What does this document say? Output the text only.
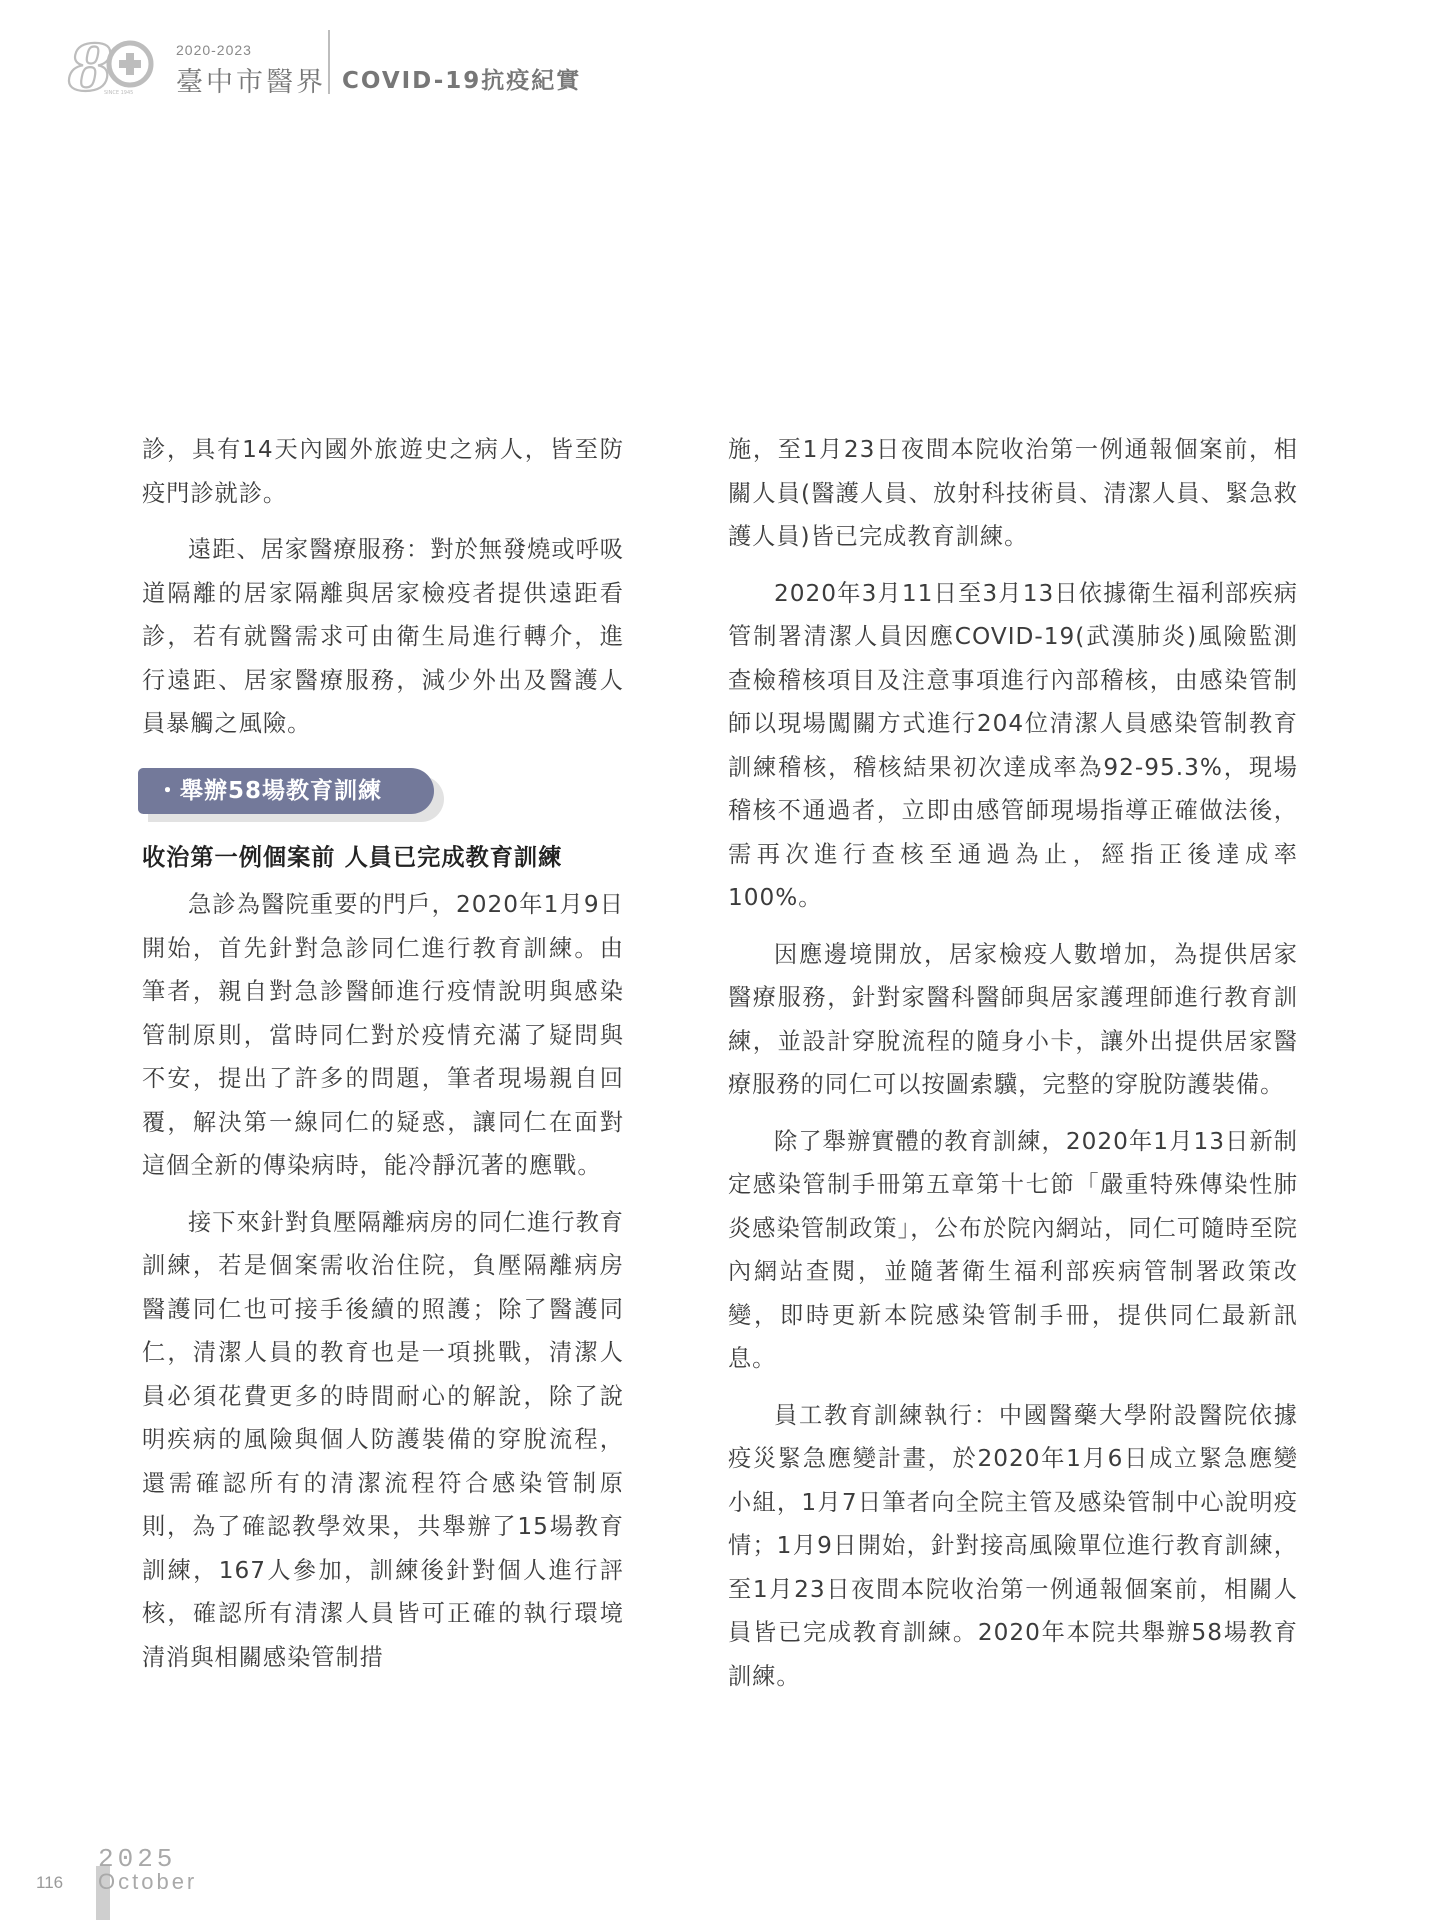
8
SINCE 1945
2020-2023
臺中市醫界 COVID-19抗疫紀實

診，具有14天內國外旅遊史之病人，皆至防疫門診就診。

遠距、居家醫療服務：對於無發燒或呼吸道隔離的居家隔離與居家檢疫者提供遠距看診，若有就醫需求可由衛生局進行轉介，進行遠距、居家醫療服務，減少外出及醫護人員暴觸之風險。

・舉辦58場教育訓練
收治第一例個案前 人員已完成教育訓練

急診為醫院重要的門戶，2020年1月9日開始，首先針對急診同仁進行教育訓練。由筆者，親自對急診醫師進行疫情說明與感染管制原則，當時同仁對於疫情充滿了疑問與不安，提出了許多的問題，筆者現場親自回覆，解決第一線同仁的疑惑，讓同仁在面對這個全新的傳染病時，能冷靜沉著的應戰。

接下來針對負壓隔離病房的同仁進行教育訓練，若是個案需收治住院，負壓隔離病房醫護同仁也可接手後續的照護；除了醫護同仁，清潔人員的教育也是一項挑戰，清潔人員必須花費更多的時間耐心的解說，除了說明疾病的風險與個人防護裝備的穿脫流程，還需確認所有的清潔流程符合感染管制原則，為了確認教學效果，共舉辦了15場教育訓練，167人參加，訓練後針對個人進行評核，確認所有清潔人員皆可正確的執行環境清消與相關感染管制措

施，至1月23日夜間本院收治第一例通報個案前，相關人員(醫護人員、放射科技術員、清潔人員、緊急救護人員)皆已完成教育訓練。

2020年3月11日至3月13日依據衛生福利部疾病管制署清潔人員因應COVID-19(武漢肺炎)風險監測查檢稽核項目及注意事項進行內部稽核，由感染管制師以現場闖關方式進行204位清潔人員感染管制教育訓練稽核，稽核結果初次達成率為92-95.3%，現場稽核不通過者，立即由感管師現場指導正確做法後，需再次進行查核至通過為止，經指正後達成率100%。

因應邊境開放，居家檢疫人數增加，為提供居家醫療服務，針對家醫科醫師與居家護理師進行教育訓練，並設計穿脫流程的隨身小卡，讓外出提供居家醫療服務的同仁可以按圖索驥，完整的穿脫防護裝備。

除了舉辦實體的教育訓練，2020年1月13日新制定感染管制手冊第五章第十七節「嚴重特殊傳染性肺炎感染管制政策」，公布於院內網站，同仁可隨時至院內網站查閱，並隨著衛生福利部疾病管制署政策改變，即時更新本院感染管制手冊，提供同仁最新訊息。

員工教育訓練執行：中國醫藥大學附設醫院依據疫災緊急應變計畫，於2020年1月6日成立緊急應變小組，1月7日筆者向全院主管及感染管制中心說明疫情；1月9日開始，針對接高風險單位進行教育訓練，至1月23日夜間本院收治第一例通報個案前，相關人員皆已完成教育訓練。2020年本院共舉辦58場教育訓練。

116
2025
October
